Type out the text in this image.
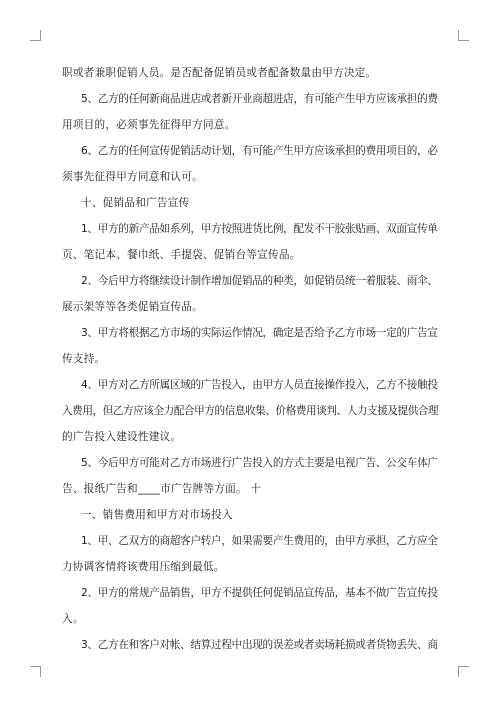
职或者兼职促销人员。是否配备促销员或者配备数量由甲方决定。
5、乙方的任何新商品进店或者新开业商超进店，有可能产生甲方应该承担的费
用项目的，必须事先征得甲方同意。
6、乙方的任何宣传促销活动计划，有可能产生甲方应该承担的费用项目的，必
须事先征得甲方同意和认可。
十、促销品和广告宣传
1、甲方的新产品如系列，甲方按照进货比例，配发不干胶张贴画、双面宣传单
页、笔记本、餐巾纸、手提袋、促销台等宣传品。
2、今后甲方将继续设计制作增加促销品的种类，如促销员统一着服装、雨伞、
展示架等等各类促销宣传品。
3、甲方将根据乙方市场的实际运作情况，确定是否给予乙方市场一定的广告宣
传支持。
4、甲方对乙方所属区域的广告投入，由甲方人员直接操作投入，乙方不接触投
入费用，但乙方应该全力配合甲方的信息收集、价格费用谈判、人力支援及提供合理
的广告投入建设性建议。
5、今后甲方可能对乙方市场进行广告投入的方式主要是电视广告、公交车体广
告、报纸广告和____市广告牌等方面。 十
一、销售费用和甲方对市场投入
1、甲、乙双方的商超客户转户，如果需要产生费用的，由甲方承担，乙方应全
力协调客情将该费用压缩到最低。
2、甲方的常规产品销售，甲方不提供任何促销品宣传品，基本不做广告宣传投
入。
3、乙方在和客户对帐、结算过程中出现的误差或者卖场耗损或者货物丢失、商
